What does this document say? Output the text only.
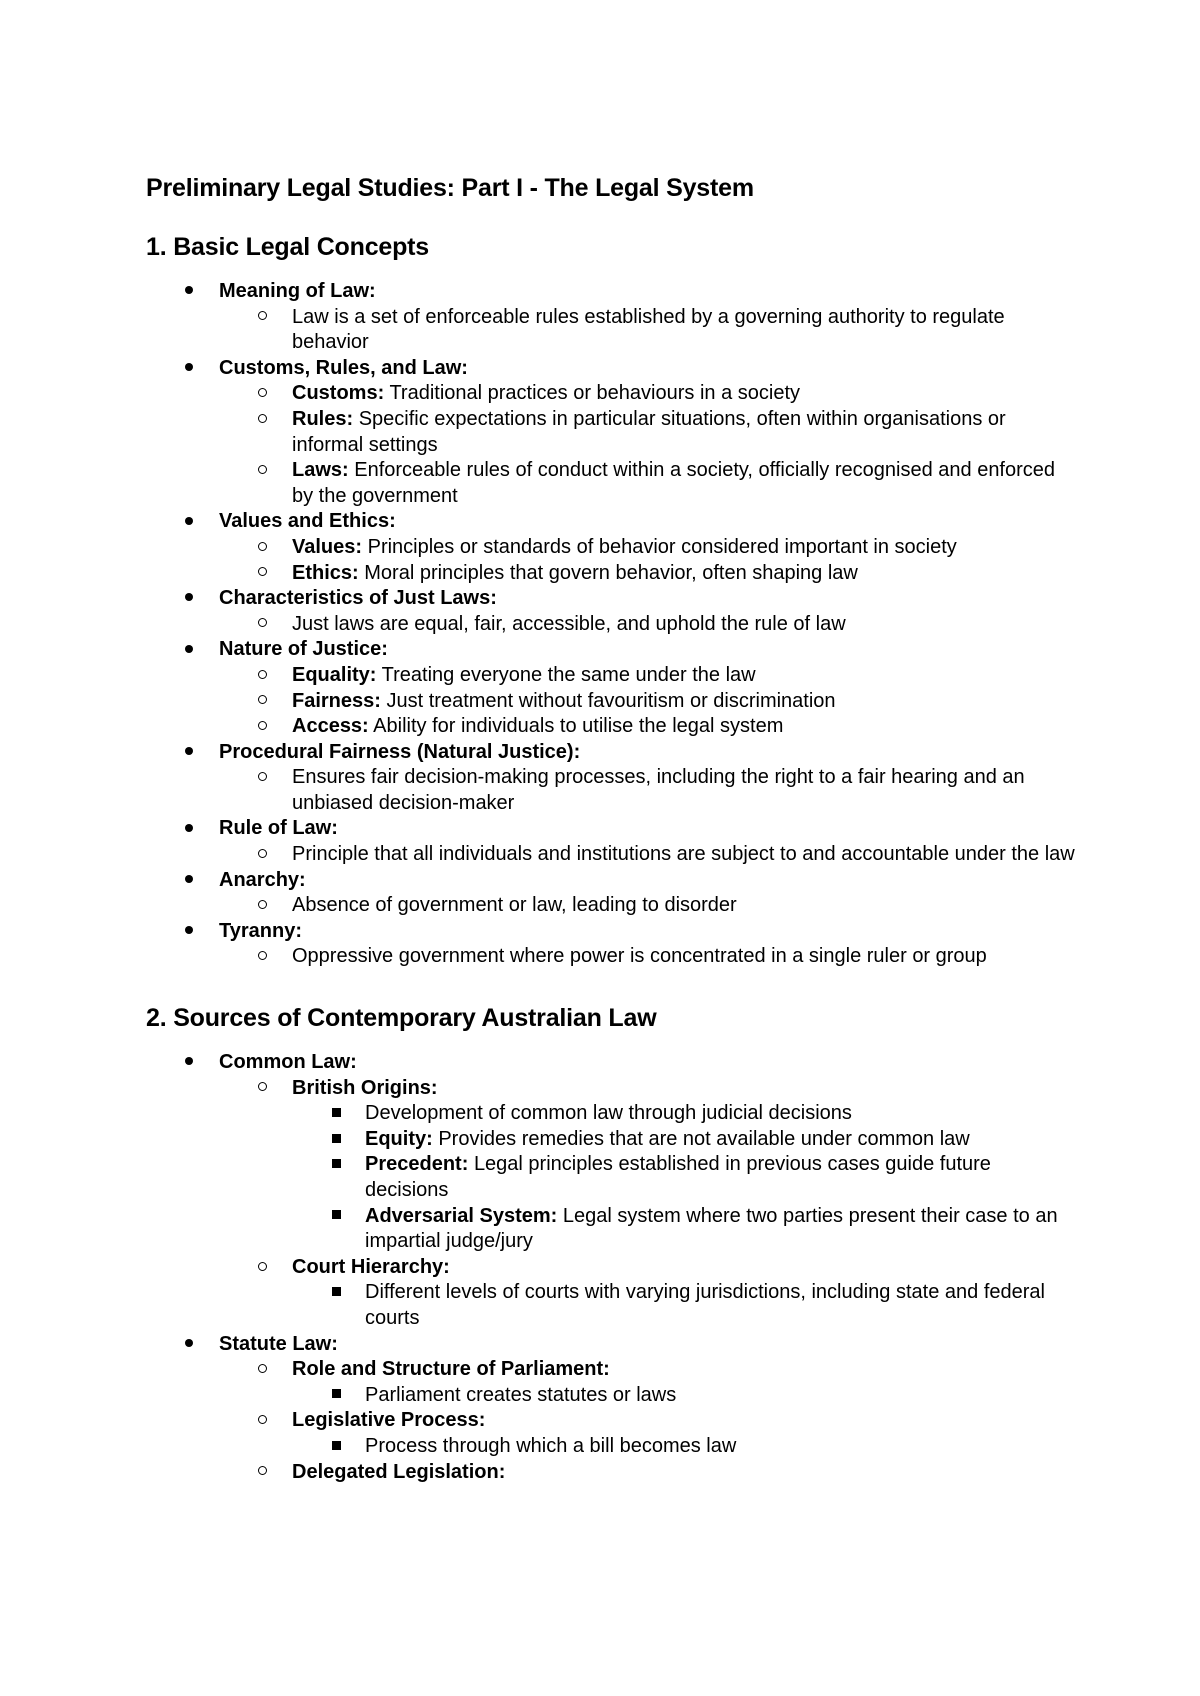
Preliminary Legal Studies: Part I - The Legal System
1. Basic Legal Concepts
Meaning of Law:
Law is a set of enforceable rules established by a governing authority to regulate behavior
Customs, Rules, and Law:
Customs: Traditional practices or behaviours in a society
Rules: Specific expectations in particular situations, often within organisations or informal settings
Laws: Enforceable rules of conduct within a society, officially recognised and enforced by the government
Values and Ethics:
Values: Principles or standards of behavior considered important in society
Ethics: Moral principles that govern behavior, often shaping law
Characteristics of Just Laws:
Just laws are equal, fair, accessible, and uphold the rule of law
Nature of Justice:
Equality: Treating everyone the same under the law
Fairness: Just treatment without favouritism or discrimination
Access: Ability for individuals to utilise the legal system
Procedural Fairness (Natural Justice):
Ensures fair decision-making processes, including the right to a fair hearing and an unbiased decision-maker
Rule of Law:
Principle that all individuals and institutions are subject to and accountable under the law
Anarchy:
Absence of government or law, leading to disorder
Tyranny:
Oppressive government where power is concentrated in a single ruler or group
2. Sources of Contemporary Australian Law
Common Law:
British Origins:
Development of common law through judicial decisions
Equity: Provides remedies that are not available under common law
Precedent: Legal principles established in previous cases guide future decisions
Adversarial System: Legal system where two parties present their case to an impartial judge/jury
Court Hierarchy:
Different levels of courts with varying jurisdictions, including state and federal courts
Statute Law:
Role and Structure of Parliament:
Parliament creates statutes or laws
Legislative Process:
Process through which a bill becomes law
Delegated Legislation:
